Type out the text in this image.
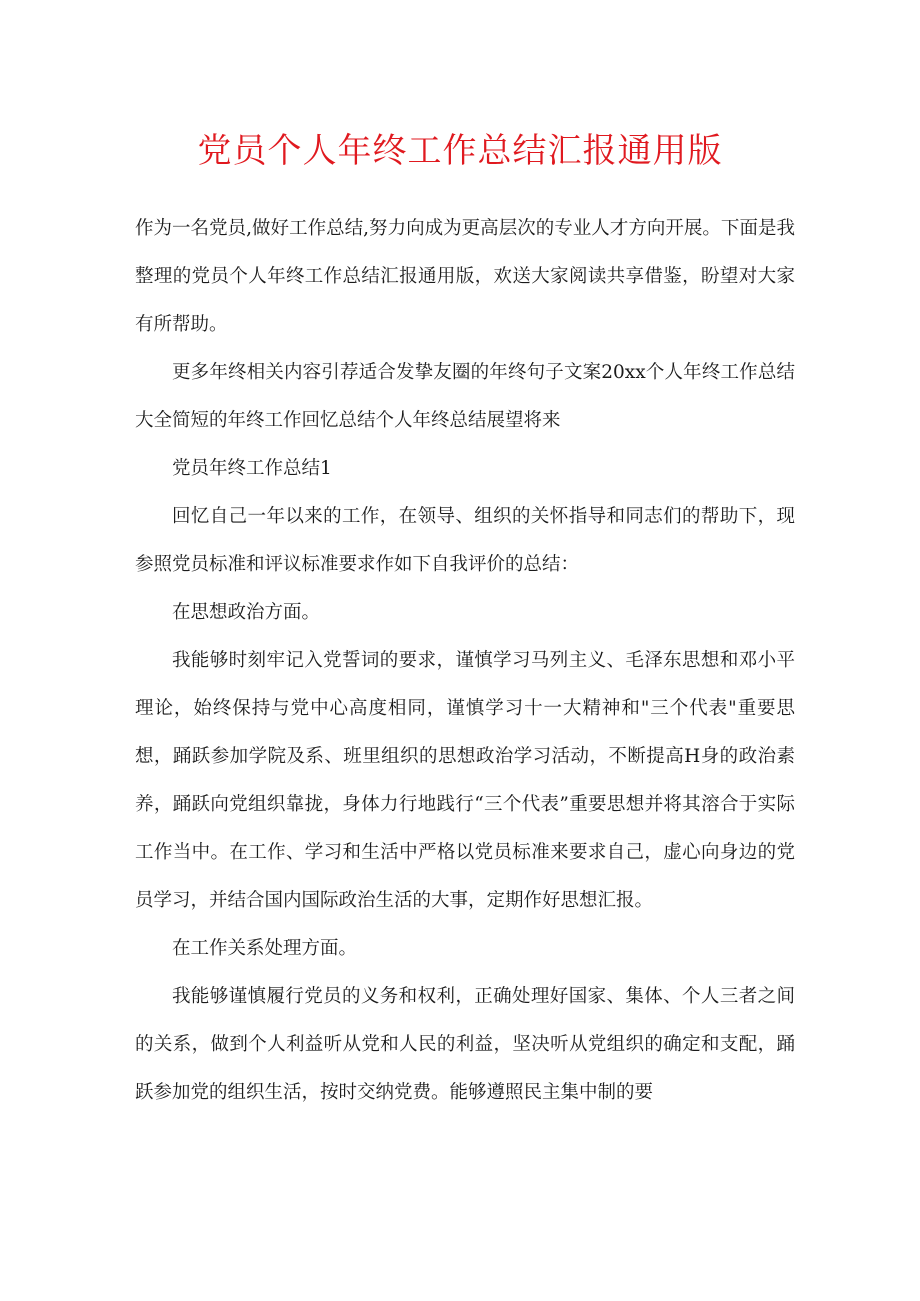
党员个人年终工作总结汇报通用版

作为一名党员,做好工作总结,努力向成为更高层次的专业人才方向开展。下面是我整理的党员个人年终工作总结汇报通用版，欢送大家阅读共享借鉴，盼望对大家有所帮助。

更多年终相关内容引荐适合发挚友圈的年终句子文案20xx个人年终工作总结大全简短的年终工作回忆总结个人年终总结展望将来

党员年终工作总结1

回忆自己一年以来的工作，在领导、组织的关怀指导和同志们的帮助下，现参照党员标准和评议标准要求作如下自我评价的总结：

在思想政治方面。

我能够时刻牢记入党誓词的要求，谨慎学习马列主义、毛泽东思想和邓小平理论，始终保持与党中心高度相同，谨慎学习十一大精神和"三个代表"重要思想，踊跃参加学院及系、班里组织的思想政治学习活动，不断提高H身的政治素养，踊跃向党组织靠拢，身体力行地践行“三个代表”重要思想并将其溶合于实际工作当中。在工作、学习和生活中严格以党员标准来要求自己，虚心向身边的党员学习，并结合国内国际政治生活的大事，定期作好思想汇报。

在工作关系处理方面。

我能够谨慎履行党员的义务和权利，正确处理好国家、集体、个人三者之间的关系，做到个人利益听从党和人民的利益，坚决听从党组织的确定和支配，踊跃参加党的组织生活，按时交纳党费。能够遵照民主集中制的要
